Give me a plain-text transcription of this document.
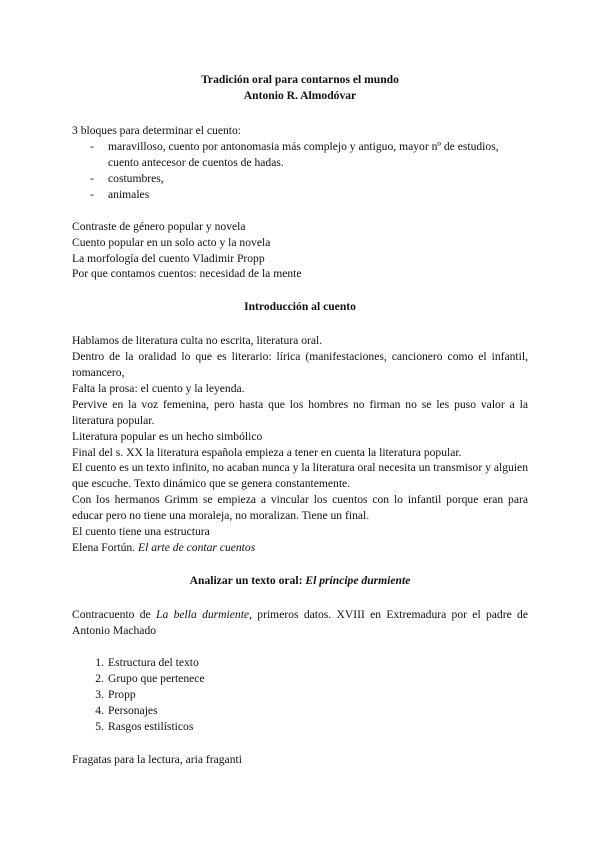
Tradición oral para contarnos el mundo
Antonio R. Almodóvar
3 bloques para determinar el cuento:
- maravilloso, cuento por antonomasia más complejo y antiguo, mayor nº de estudios,
cuento antecesor de cuentos de hadas.
- costumbres,
- animales
Contraste de género popular y novela
Cuento popular en un solo acto y la novela
La morfología del cuento Vladimir Propp
Por que contamos cuentos: necesidad de la mente
Introducción al cuento
Hablamos de literatura culta no escrita, literatura oral.
Dentro de la oralidad lo que es literario: lírica (manifestaciones, cancionero como el infantil, romancero,
Falta la prosa: el cuento y la leyenda.
Pervive en la voz femenina, pero hasta que los hombres no firman no se les puso valor a la literatura popular.
Literatura popular es un hecho simbólico
Final del s. XX la literatura española empieza a tener en cuenta la literatura popular.
El cuento es un texto infinito, no acaban nunca y la literatura oral necesita un transmisor y alguien que escuche. Texto dinámico que se genera constantemente.
Con los hermanos Grimm se empieza a vincular los cuentos con lo infantil porque eran para educar pero no tiene una moraleja, no moralizan. Tiene un final.
El cuento tiene una estructura
Elena Fortún. El arte de contar cuentos
Analizar un texto oral: El príncipe durmiente
Contracuento de La bella durmiente, primeros datos. XVIII en Extremadura por el padre de Antonio Machado
1. Estructura del texto
2. Grupo que pertenece
3. Propp
4. Personajes
5. Rasgos estilísticos
Fragatas para la lectura, aria fraganti
